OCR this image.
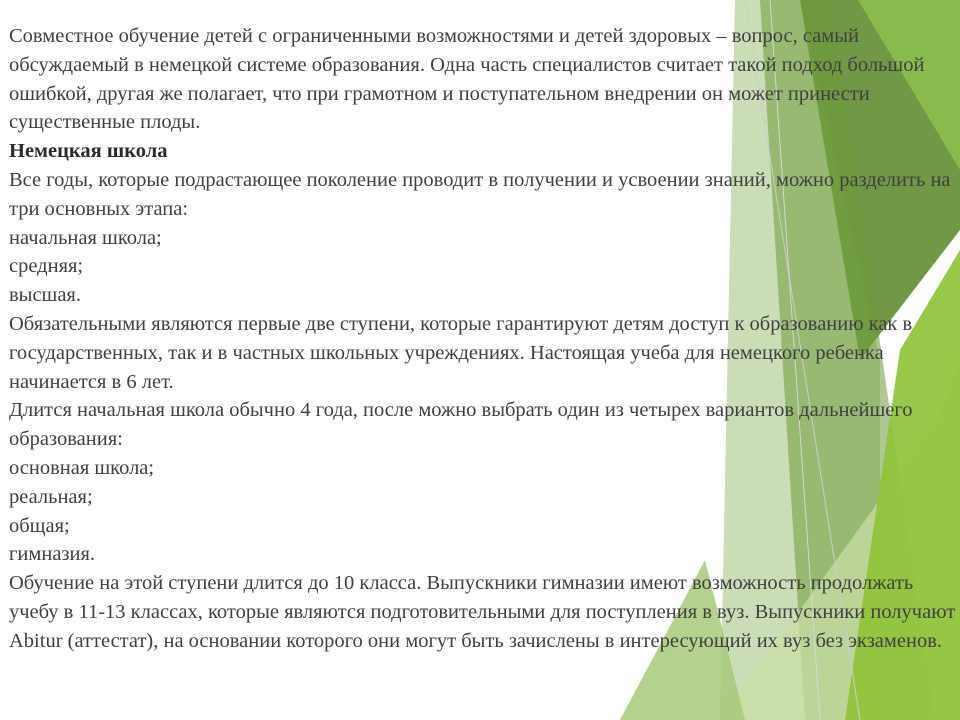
Совместное обучение детей с ограниченными возможностями и детей здоровых – вопрос, самый обсуждаемый в немецкой системе образования. Одна часть специалистов считает такой подход большой ошибкой, другая же полагает, что при грамотном и поступательном внедрении он может принести существенные плоды.

Немецкая школа

Все годы, которые подрастающее поколение проводит в получении и усвоении знаний, можно разделить на три основных этапа:

начальная школа;

средняя;

высшая.

Обязательными являются первые две ступени, которые гарантируют детям доступ к образованию как в государственных, так и в частных школьных учреждениях. Настоящая учеба для немецкого ребенка начинается в 6 лет.

Длится начальная школа обычно 4 года, после можно выбрать один из четырех вариантов дальнейшего образования:

основная школа;

реальная;

общая;

гимназия.

Обучение на этой ступени длится до 10 класса. Выпускники гимназии имеют возможность продолжать учебу в 11-13 классах, которые являются подготовительными для поступления в вуз. Выпускники получают Abitur (аттестат), на основании которого они могут быть зачислены в интересующий их вуз без экзаменов.
